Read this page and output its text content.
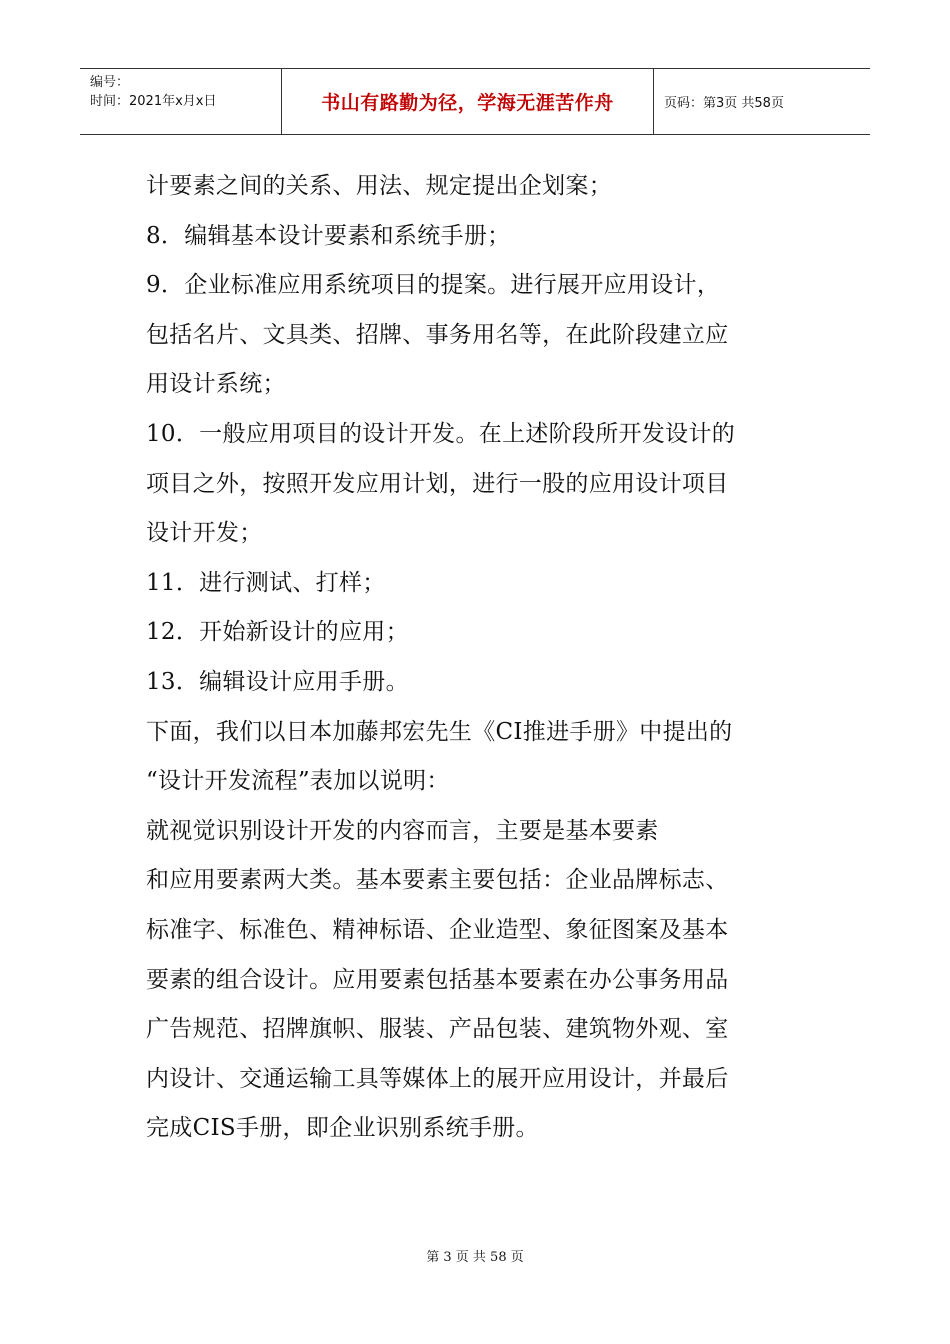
编号：
时间：2021年x月x日	书山有路勤为径，学海无涯苦作舟	页码：第3页 共58页
计要素之间的关系、用法、规定提出企划案；
8．编辑基本设计要素和系统手册；
9．企业标准应用系统项目的提案。进行展开应用设计，
包括名片、文具类、招牌、事务用名等，在此阶段建立应
用设计系统；
10．一般应用项目的设计开发。在上述阶段所开发设计的
项目之外，按照开发应用计划，进行一股的应用设计项目
设计开发；
11．进行测试、打样；
12．开始新设计的应用；
13．编辑设计应用手册。
下面，我们以日本加藤邦宏先生《CI推进手册》中提出的
“设计开发流程”表加以说明：
就视觉识别设计开发的内容而言，主要是基本要素
和应用要素两大类。基本要素主要包括：企业品牌标志、
标准字、标准色、精神标语、企业造型、象征图案及基本
要素的组合设计。应用要素包括基本要素在办公事务用品
广告规范、招牌旗帜、服装、产品包装、建筑物外观、室
内设计、交通运输工具等媒体上的展开应用设计，并最后
完成CIS手册，即企业识别系统手册。
第 3 页 共 58 页
